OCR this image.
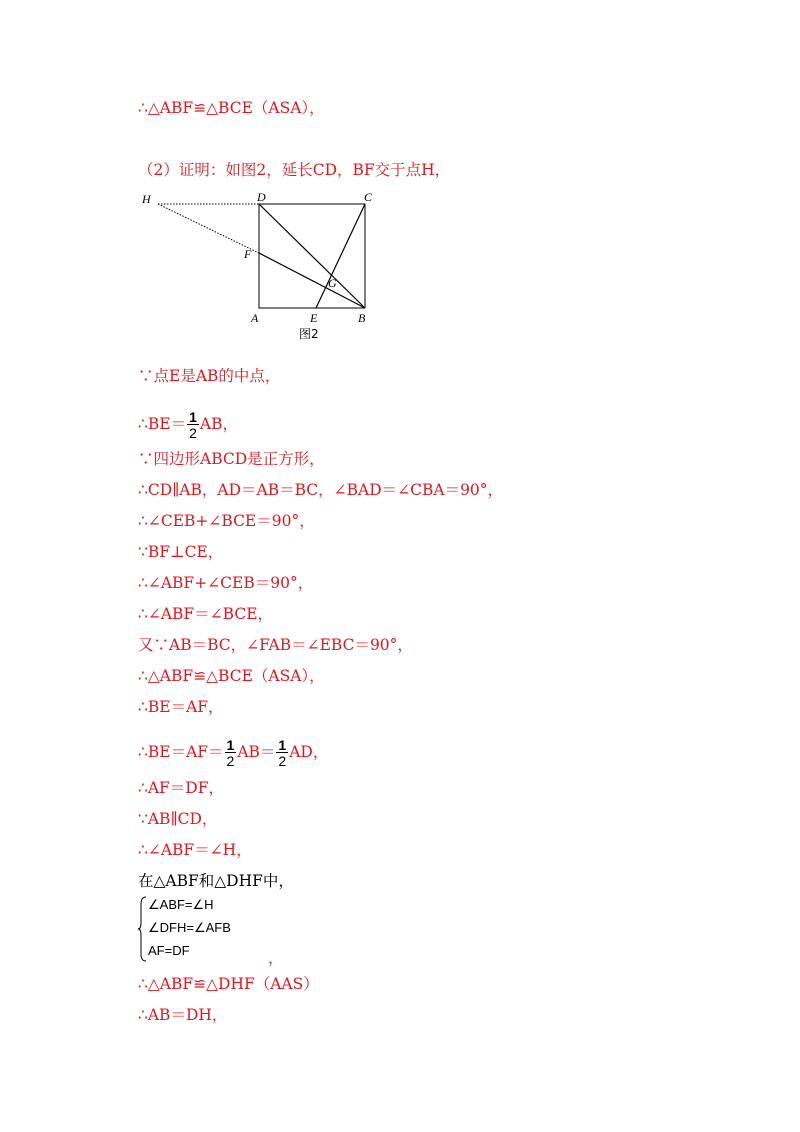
∴△ABF≌△BCE（ASA），
（2）证明：如图2，延长CD，BF交于点H，
H	D	C
F
G
A	E	B
图2
∵点E是AB的中点，
∴BE＝ $\frac{1}{2}$ AB，
∵四边形ABCD是正方形，
∴CD∥AB，AD＝AB＝BC，∠BAD＝∠CBA＝90°，
∴∠CEB+∠BCE＝90°，
∵BF⊥CE，
∴∠ABF+∠CEB＝90°，
∴∠ABF＝∠BCE，
又∵AB＝BC，∠FAB＝∠EBC＝90°，
∴△ABF≌△BCE（ASA），
∴BE＝AF，
∴BE＝AF＝ $\frac{1}{2} AB= \frac{1}{2}$ AD，
∴AF＝DF，
∵AB∥CD，
∴∠ABF＝∠H，
在△ABF和△DHF中，
∠ABF=∠H
∠DFH=∠AFB
AF=DF	，
∴△ABF≌△DHF（AAS）
∴AB＝DH，
